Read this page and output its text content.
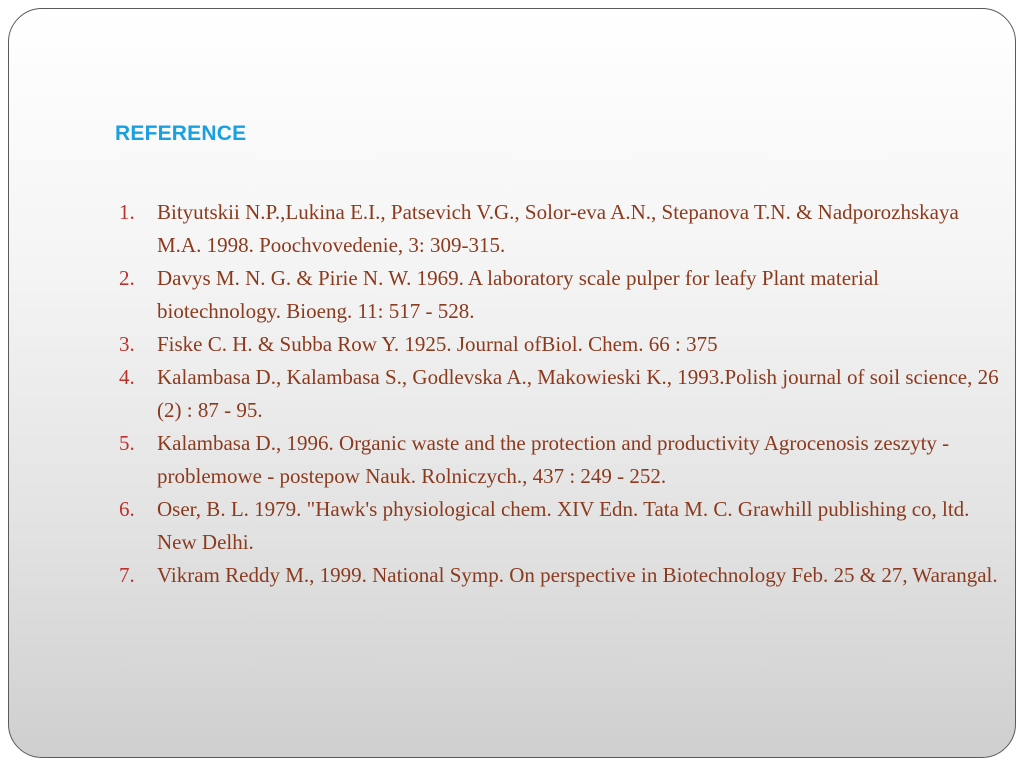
REFERENCE
1. Bityutskii N.P.,Lukina E.I., Patsevich V.G., Solor-eva A.N., Stepanova T.N. & Nadporozhskaya M.A. 1998. Poochvovedenie, 3: 309-315.
2. Davys M. N. G. & Pirie N. W. 1969. A laboratory scale pulper for leafy Plant material biotechnology. Bioeng. 11: 517 - 528.
3. Fiske C. H. & Subba Row Y. 1925. Journal ofBiol. Chem. 66 : 375
4. Kalambasa D., Kalambasa S., Godlevska A., Makowieski K., 1993.Polish journal of soil science, 26 (2) : 87 - 95.
5. Kalambasa D., 1996. Organic waste and the protection and productivity Agrocenosis zeszyty - problemowe - postepow Nauk. Rolniczych., 437 : 249 - 252.
6. Oser, B. L. 1979. "Hawk's physiological chem. XIV Edn. Tata M. C. Grawhill publishing co, ltd. New Delhi.
7. Vikram Reddy M., 1999. National Symp. On perspective in Biotechnology Feb. 25 & 27, Warangal.
